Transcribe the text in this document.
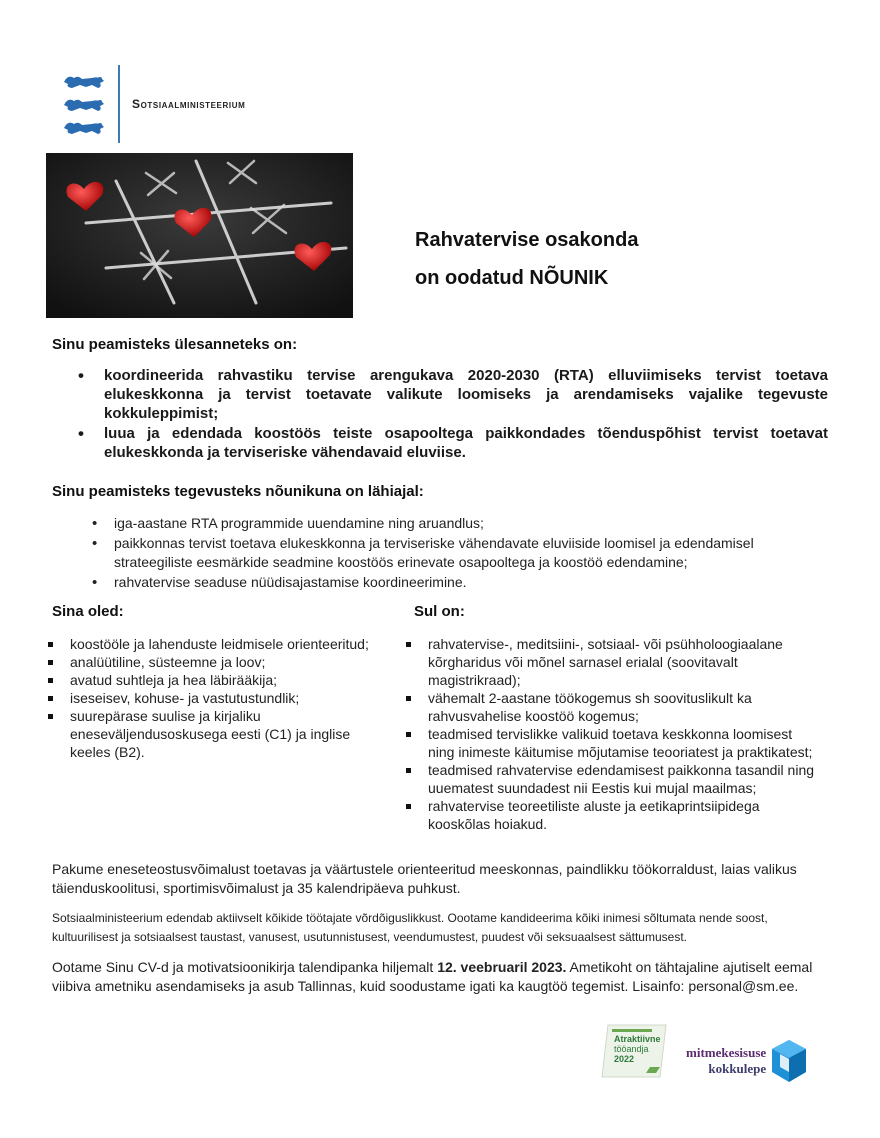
Sotsiaalministeerium
Rahvatervise osakonda
on oodatud NÕUNIK
Sinu peamisteks ülesanneteks on:
• koordineerida rahvastiku tervise arengukava 2020-2030 (RTA) elluviimiseks tervist toetava elukeskkonna ja tervist toetavate valikute loomiseks ja arendamiseks vajalike tegevuste kokkuleppimist;
• luua ja edendada koostöös teiste osapooltega paikkondades tõenduspõhist tervist toetavat elukeskkonda ja terviseriske vähendavaid eluviise.
Sinu peamisteks tegevusteks nõunikuna on lähiajal:
• iga-aastane RTA programmide uuendamine ning aruandlus;
• paikkonnas tervist toetava elukeskkonna ja terviseriske vähendavate eluviiside loomisel ja edendamisel strateegiliste eesmärkide seadmine koostöös erinevate osapooltega ja koostöö edendamine;
• rahvatervise seaduse nüüdisajastamise koordineerimine.
Sina oled:	Sul on:
koostööle ja lahenduste leidmisele orienteeritud;
analüütiline, süsteemne ja loov;
avatud suhtleja ja hea läbirääkija;
iseseisev, kohuse- ja vastutustundlik;
suurepärase suulise ja kirjaliku eneseväljendusoskusega eesti (C1) ja inglise keeles (B2).
rahvatervise-, meditsiini-, sotsiaal- või psühholoogiaalane kõrgharidus või mõnel sarnasel erialal (soovitavalt magistrikraad);
vähemalt 2-aastane töökogemus sh soovituslikult ka rahvusvahelise koostöö kogemus;
teadmised tervislikke valikuid toetava keskkonna loomisest ning inimeste käitumise mõjutamise teooriatest ja praktikatest;
teadmised rahvatervise edendamisest paikkonna tasandil ning uuematest suundadest nii Eestis kui mujal maailmas;
rahvatervise teoreetiliste aluste ja eetikaprintsiipidega kooskõlas hoiakud.

Pakume eneseteostusvõimalust toetavas ja väärtustele orienteeritud meeskonnas, paindlikku töökorraldust, laias valikus täienduskoolitusi, sportimisvõimalust ja 35 kalendripäeva puhkust.

Sotsiaalministeerium edendab aktiivselt kõikide töötajate võrdõiguslikkust. Oootame kandideerima kõiki inimesi sõltumata nende soost, kultuurilisest ja sotsiaalsest taustast, vanusest, usutunnistusest, veendumustest, puudest või seksuaalsest sättumusest.

Ootame Sinu CV-d ja motivatsioonikirja talendipanka hiljemalt 12. veebruaril 2023. Ametikoht on tähtajaline ajutiselt eemal viibiva ametniku asendamiseks ja asub Tallinnas, kuid soodustame igati ka kaugtöö tegemist. Lisainfo: personal@sm.ee.

Atraktiivne
tööandja
2022	mitmekesisuse
kokkulepe
